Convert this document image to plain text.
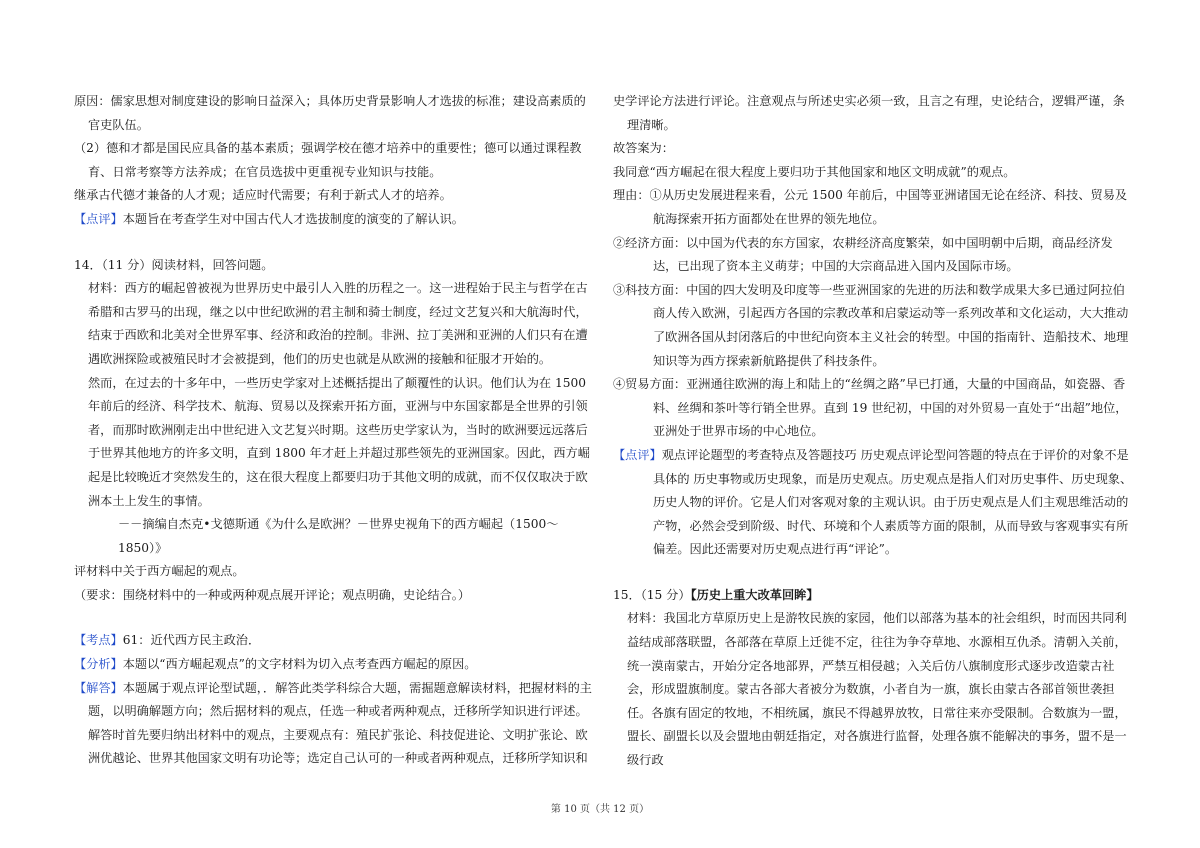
原因：儒家思想对制度建设的影响日益深入；具体历史背景影响人才选拔的标准；建设高素质的官吏队伍。

（2）德和才都是国民应具备的基本素质；强调学校在德才培养中的重要性；德可以通过课程教育、日常考察等方法养成；在官员选拔中更重视专业知识与技能。

继承古代德才兼备的人才观；适应时代需要；有利于新式人才的培养。

【点评】本题旨在考查学生对中国古代人才选拔制度的演变的了解认识。

14．（11 分）阅读材料，回答问题。

材料：西方的崛起曾被视为世界历史中最引人入胜的历程之一。这一进程始于民主与哲学在古希腊和古罗马的出现，继之以中世纪欧洲的君主制和骑士制度，经过文艺复兴和大航海时代，结束于西欧和北美对全世界军事、经济和政治的控制。非洲、拉丁美洲和亚洲的人们只有在遭遇欧洲探险或被殖民时才会被提到，他们的历史也就是从欧洲的接触和征服才开始的。

然而，在过去的十多年中，一些历史学家对上述概括提出了颠覆性的认识。他们认为在 1500 年前后的经济、科学技术、航海、贸易以及探索开拓方面，亚洲与中东国家都是全世界的引领者，而那时欧洲刚走出中世纪进入文艺复兴时期。这些历史学家认为，当时的欧洲要远远落后于世界其他地方的许多文明，直到 1800 年才赶上并超过那些领先的亚洲国家。因此，西方崛起是比较晚近才突然发生的，这在很大程度上都要归功于其他文明的成就，而不仅仅取决于欧洲本土上发生的事情。

－－摘编自杰克•戈德斯通《为什么是欧洲？－世界史视角下的西方崛起（1500～1850）》

评材料中关于西方崛起的观点。

（要求：围绕材料中的一种或两种观点展开评论；观点明确，史论结合。）

【考点】61：近代西方民主政治．

【分析】本题以“西方崛起观点”的文字材料为切入点考查西方崛起的原因。

【解答】本题属于观点评论型试题，．解答此类学科综合大题，需掘题意解读材料，把握材料的主题，以明确解题方向；然后据材料的观点，任选一种或者两种观点，迁移所学知识进行评述。解答时首先要归纳出材料中的观点，主要观点有：殖民扩张论、科技促进论、文明扩张论、欧洲优越论、世界其他国家文明有功论等；选定自己认可的一种或者两种观点，迁移所学知识和

史学评论方法进行评论。注意观点与所述史实必须一致，且言之有理，史论结合，逻辑严谨，条理清晰。

故答案为：

我同意“西方崛起在很大程度上要归功于其他国家和地区文明成就”的观点。

理由：①从历史发展进程来看，公元 1500 年前后，中国等亚洲诸国无论在经济、科技、贸易及航海探索开拓方面都处在世界的领先地位。

②经济方面：以中国为代表的东方国家，农耕经济高度繁荣，如中国明朝中后期，商品经济发达，已出现了资本主义萌芽；中国的大宗商品进入国内及国际市场。

③科技方面：中国的四大发明及印度等一些亚洲国家的先进的历法和数学成果大多已通过阿拉伯商人传入欧洲，引起西方各国的宗教改革和启蒙运动等一系列改革和文化运动，大大推动了欧洲各国从封闭落后的中世纪向资本主义社会的转型。中国的指南针、造船技术、地理知识等为西方探索新航路提供了科技条件。

④贸易方面：亚洲通往欧洲的海上和陆上的“丝绸之路”早已打通，大量的中国商品，如瓷器、香料、丝绸和茶叶等行销全世界。直到 19 世纪初，中国的对外贸易一直处于“出超”地位，亚洲处于世界市场的中心地位。

【点评】观点评论题型的考查特点及答题技巧 历史观点评论型问答题的特点在于评价的对象不是具体的 历史事物或历史现象，而是历史观点。历史观点是指人们对历史事件、历史现象、历史人物的评价。它是人们对客观对象的主观认识。由于历史观点是人们主观思维活动的产物，必然会受到阶级、时代、环境和个人素质等方面的限制，从而导致与客观事实有所偏差。因此还需要对历史观点进行再“评论”。

15．（15 分）【历史上重大改革回眸】

材料：我国北方草原历史上是游牧民族的家园，他们以部落为基本的社会组织，时而因共同利益结成部落联盟，各部落在草原上迁徙不定，往往为争夺草地、水源相互仇杀。清朝入关前，统一漠南蒙古，开始分定各地部界，严禁互相侵越；入关后仿八旗制度形式逐步改造蒙古社会，形成盟旗制度。蒙古各部大者被分为数旗，小者自为一旗，旗长由蒙古各部首领世袭担任。各旗有固定的牧地，不相统属，旗民不得越界放牧，日常往来亦受限制。合数旗为一盟，盟长、副盟长以及会盟地由朝廷指定，对各旗进行监督，处理各旗不能解决的事务，盟不是一级行政

第 10 页（共 12 页）
